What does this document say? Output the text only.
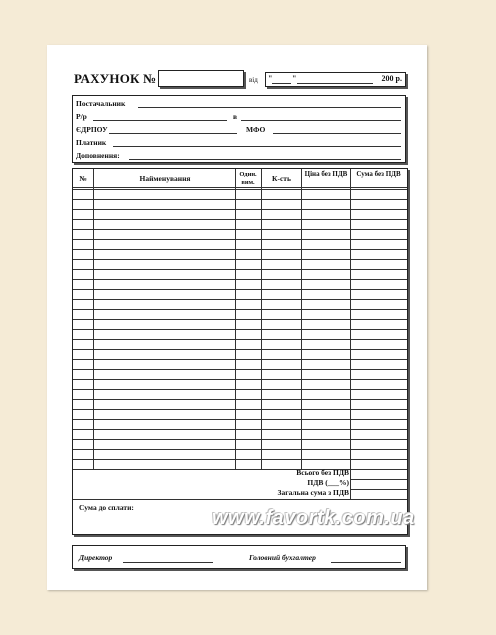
РАХУНОК №	від " "	200 р.
Постачальник
Р/р	в
ЄДРПОУ	МФО
Платник
Доповнення:
№	Найменування	Один. вим.	К-сть	Ціна без ПДВ	Сума без ПДВ
Всього без ПДВ
ПДВ (___%)
Загальна сума з ПДВ
Сума до сплати:
Директор	Головний бухгалтер
www.favortk.com.ua
